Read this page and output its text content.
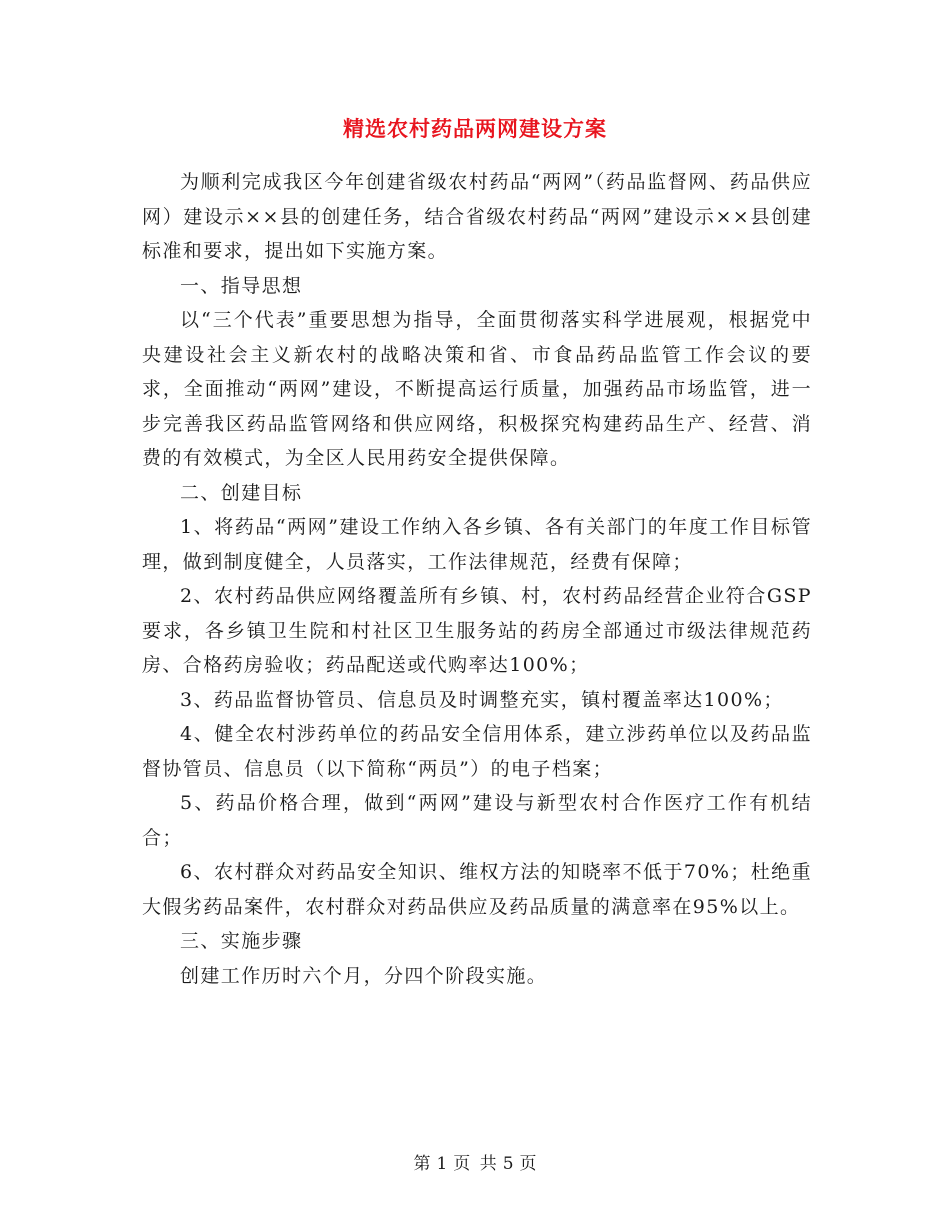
精选农村药品两网建设方案

为顺利完成我区今年创建省级农村药品“两网”（药品监督网、药品供应网）建设示××县的创建任务，结合省级农村药品“两网”建设示××县创建标准和要求，提出如下实施方案。

一、指导思想

以“三个代表”重要思想为指导，全面贯彻落实科学进展观，根据党中央建设社会主义新农村的战略决策和省、市食品药品监管工作会议的要求，全面推动“两网”建设，不断提高运行质量，加强药品市场监管，进一步完善我区药品监管网络和供应网络，积极探究构建药品生产、经营、消费的有效模式，为全区人民用药安全提供保障。

二、创建目标

1、将药品“两网”建设工作纳入各乡镇、各有关部门的年度工作目标管理，做到制度健全，人员落实，工作法律规范，经费有保障；

2、农村药品供应网络覆盖所有乡镇、村，农村药品经营企业符合GSP要求，各乡镇卫生院和村社区卫生服务站的药房全部通过市级法律规范药房、合格药房验收；药品配送或代购率达100%；

3、药品监督协管员、信息员及时调整充实，镇村覆盖率达100%；

4、健全农村涉药单位的药品安全信用体系，建立涉药单位以及药品监督协管员、信息员（以下简称“两员”）的电子档案；

5、药品价格合理，做到“两网”建设与新型农村合作医疗工作有机结合；

6、农村群众对药品安全知识、维权方法的知晓率不低于70%；杜绝重大假劣药品案件，农村群众对药品供应及药品质量的满意率在95%以上。

三、实施步骤

创建工作历时六个月，分四个阶段实施。

第 1 页 共 5 页
